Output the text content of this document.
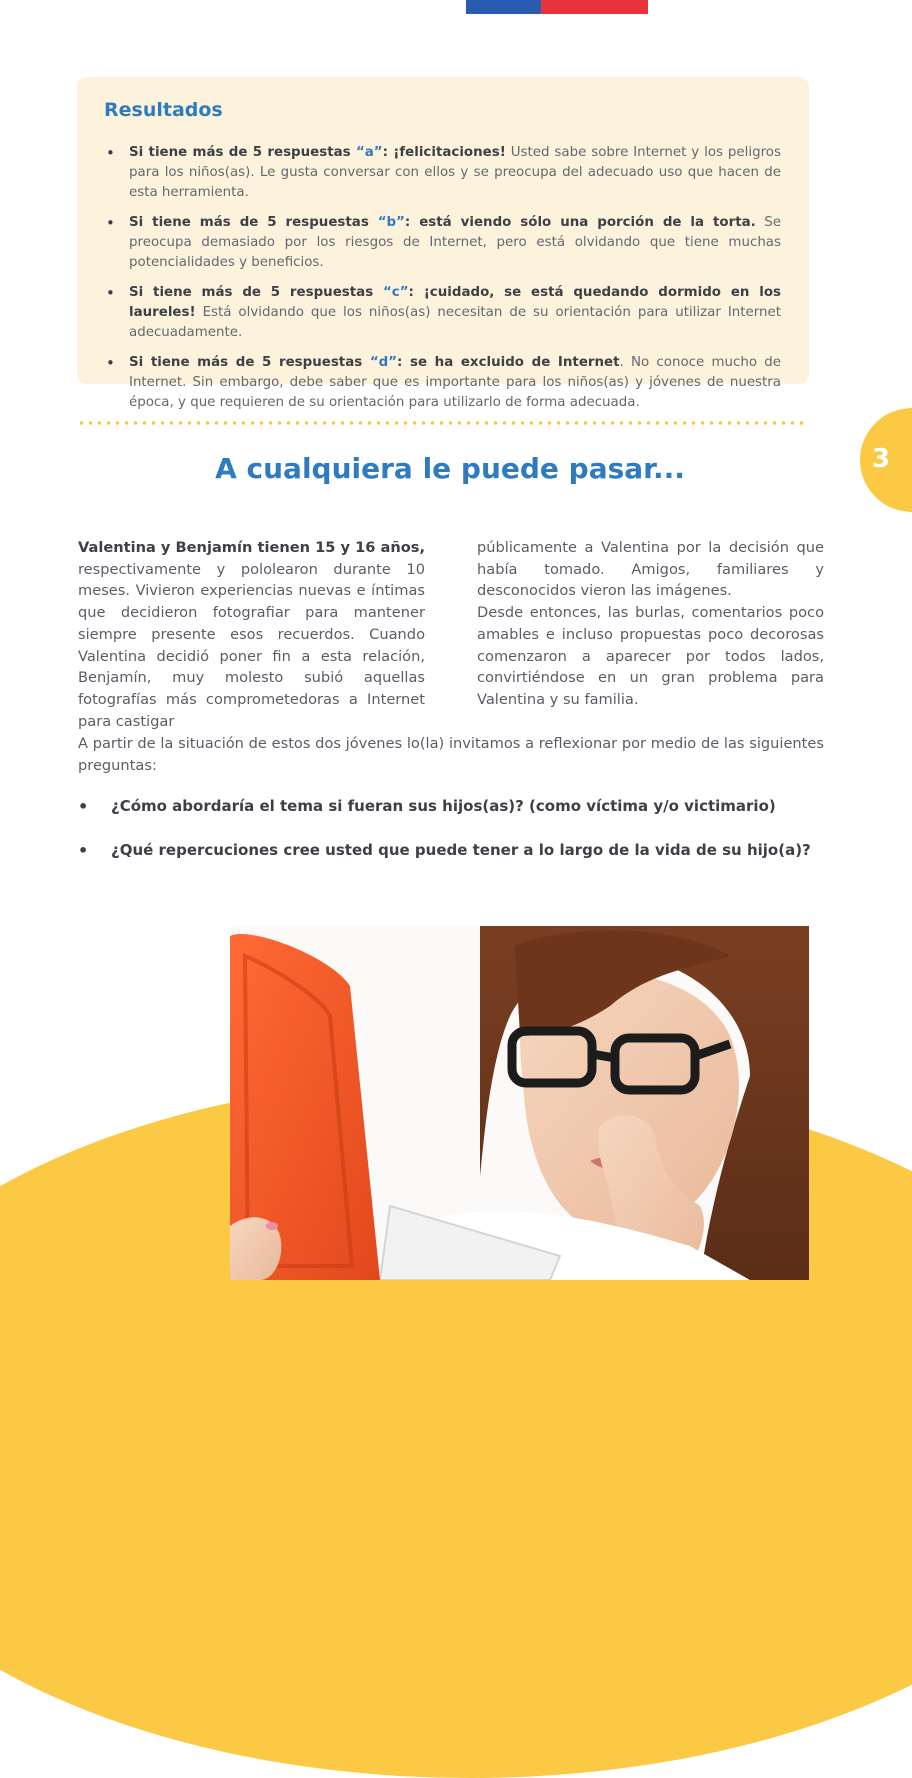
Resultados
• Si tiene más de 5 respuestas “a”: ¡felicitaciones! Usted sabe sobre Internet y los peligros para los niños(as). Le gusta conversar con ellos y se preocupa del adecuado uso que hacen de esta herramienta.
• Si tiene más de 5 respuestas “b”: está viendo sólo una porción de la torta. Se preocupa demasiado por los riesgos de Internet, pero está olvidando que tiene muchas potencialidades y beneficios.
• Si tiene más de 5 respuestas “c”: ¡cuidado, se está quedando dormido en los laureles! Está olvidando que los niños(as) necesitan de su orientación para utilizar Internet adecuadamente.
• Si tiene más de 5 respuestas “d”: se ha excluido de Internet. No conoce mucho de Internet. Sin embargo, debe saber que es importante para los niños(as) y jóvenes de nuestra época, y que requieren de su orientación para utilizarlo de forma adecuada.
3
A cualquiera le puede pasar...

Valentina y Benjamín tienen 15 y 16 años, respectivamente y pololearon durante 10 meses. Vivieron experiencias nuevas e íntimas que decidieron fotografiar para mantener siempre presente esos recuerdos. Cuando Valentina decidió poner fin a esta relación, Benjamín, muy molesto subió aquellas fotografías más comprometedoras a Internet para castigar

públicamente a Valentina por la decisión que había tomado. Amigos, familiares y desconocidos vieron las imágenes.

Desde entonces, las burlas, comentarios poco amables e incluso propuestas poco decorosas comenzaron a aparecer por todos lados, convirtiéndose en un gran problema para Valentina y su familia.

A partir de la situación de estos dos jóvenes lo(la) invitamos a reflexionar por medio de las siguientes preguntas:

• ¿Cómo abordaría el tema si fueran sus hijos(as)? (como víctima y/o victimario)
• ¿Qué repercuciones cree usted que puede tener a lo largo de la vida de su hijo(a)?
